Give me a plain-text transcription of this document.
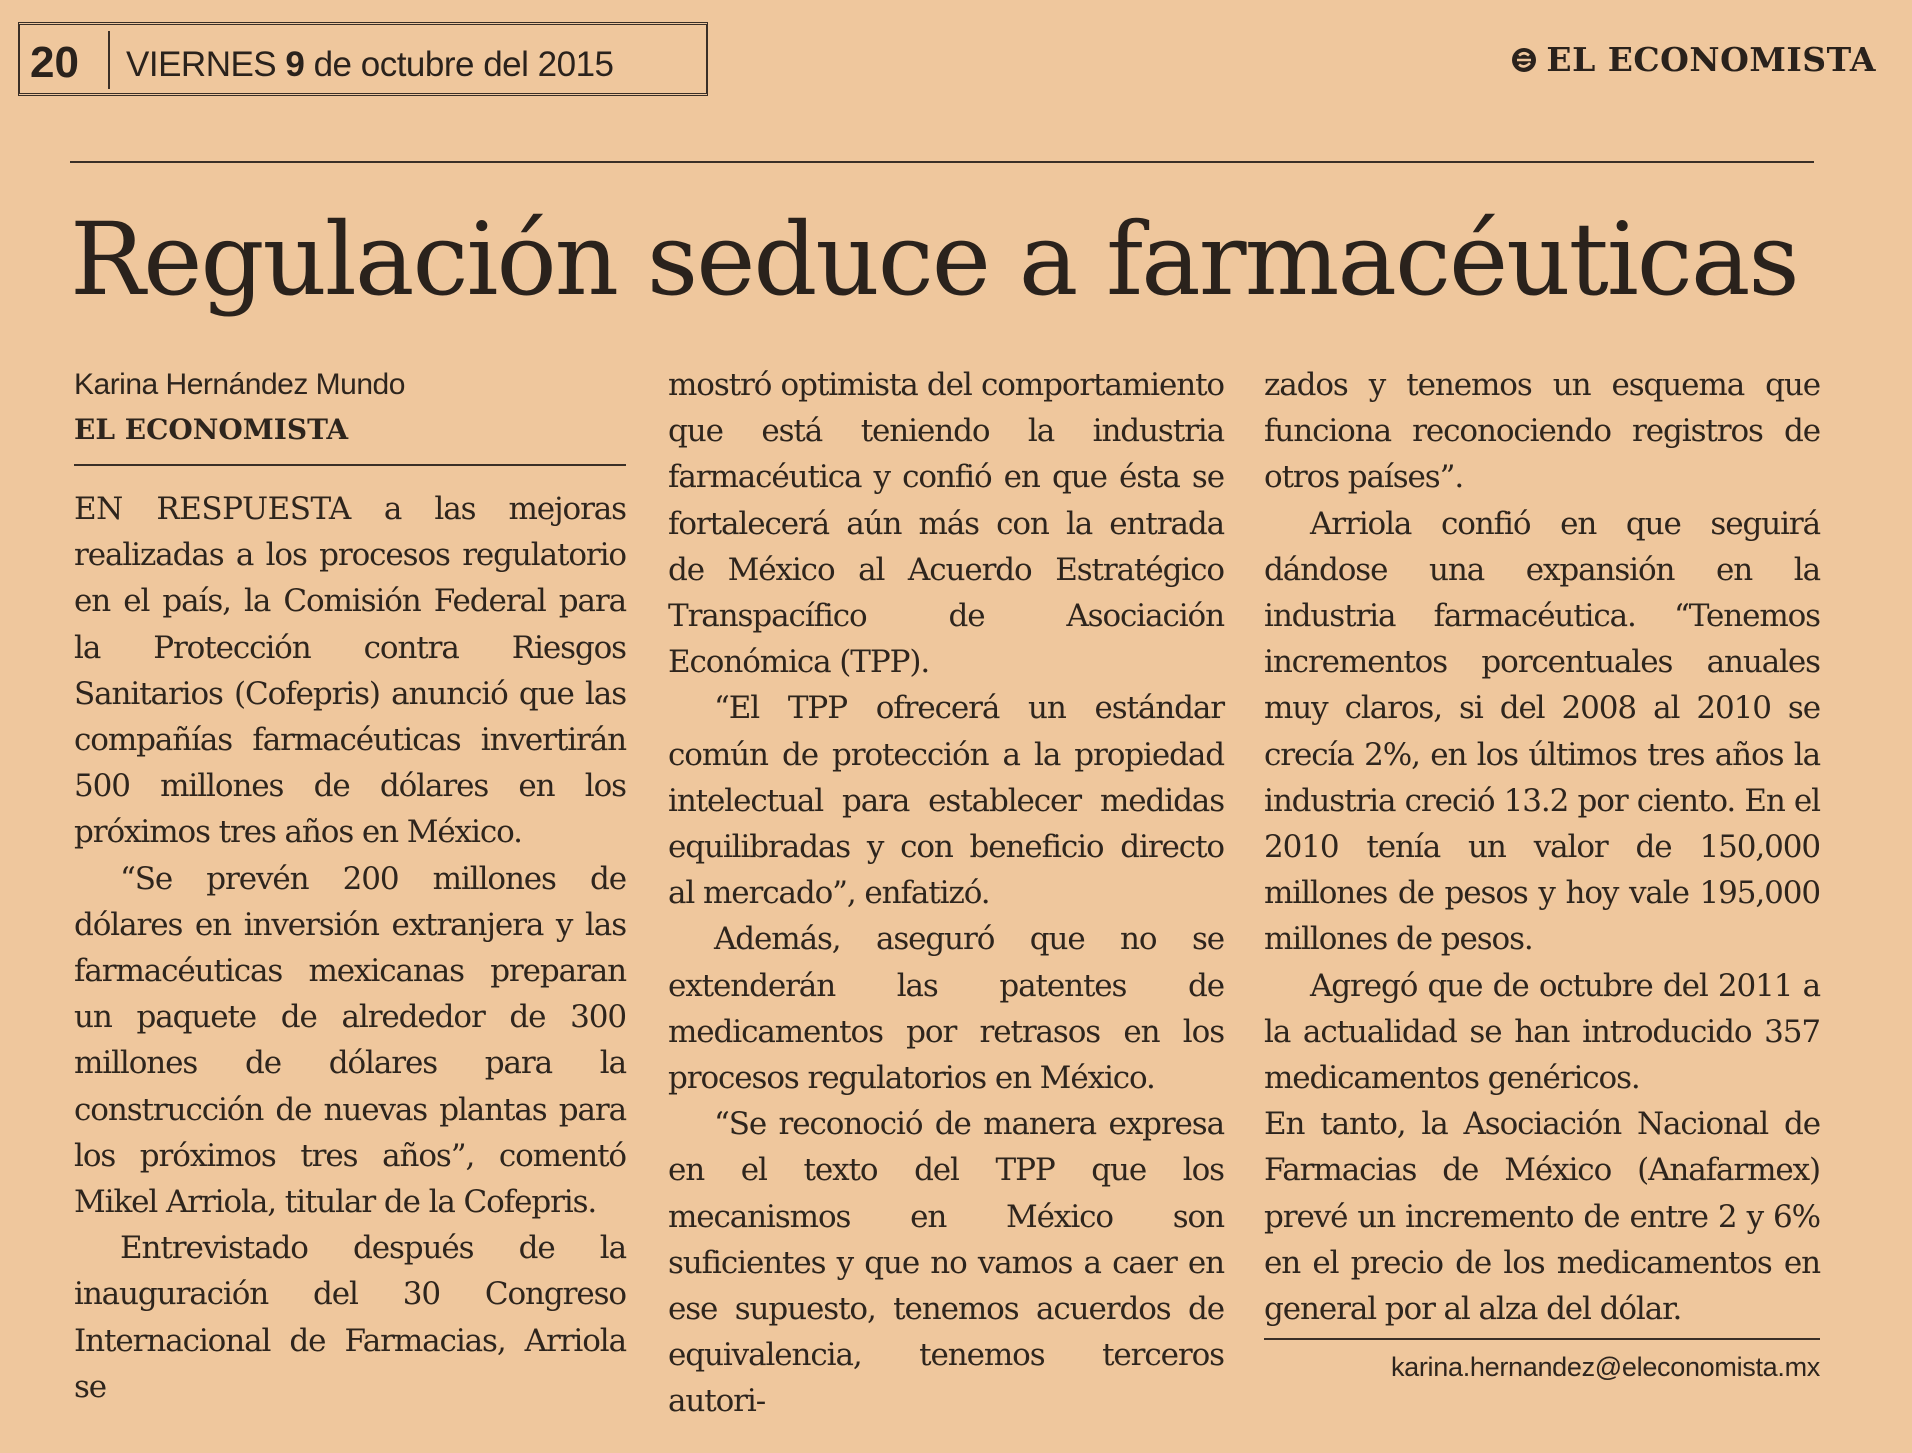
20 VIERNES 9 de octubre del 2015	EL ECONOMISTA
Regulación seduce a farmacéuticas
Karina Hernández Mundo
EL ECONOMISTA

EN RESPUESTA a las mejoras realizadas a los procesos regulatorio en el país, la Comisión Federal para la Protección contra Riesgos Sanitarios (Cofepris) anunció que las compañías farmacéuticas invertirán 500 millones de dólares en los próximos tres años en México.

“Se prevén 200 millones de dólares en inversión extranjera y las farmacéuticas mexicanas preparan un paquete de alrededor de 300 millones de dólares para la construcción de nuevas plantas para los próximos tres años”, comentó Mikel Arriola, titular de la Cofepris.

Entrevistado después de la inauguración del 30 Congreso Internacional de Farmacias, Arriola se

mostró optimista del comportamiento que está teniendo la industria farmacéutica y confió en que ésta se fortalecerá aún más con la entrada de México al Acuerdo Estratégico Transpacífico de Asociación Económica (TPP).

“El TPP ofrecerá un estándar común de protección a la propiedad intelectual para establecer medidas equilibradas y con beneficio directo al mercado”, enfatizó.

Además, aseguró que no se extenderán las patentes de medicamentos por retrasos en los procesos regulatorios en México.

“Se reconoció de manera expresa en el texto del TPP que los mecanismos en México son suficientes y que no vamos a caer en ese supuesto, tenemos acuerdos de equivalencia, tenemos terceros autori-

zados y tenemos un esquema que funciona reconociendo registros de otros países”.

Arriola confió en que seguirá dándose una expansión en la industria farmacéutica. “Tenemos incrementos porcentuales anuales muy claros, si del 2008 al 2010 se crecía 2%, en los últimos tres años la industria creció 13.2 por ciento. En el 2010 tenía un valor de 150,000 millones de pesos y hoy vale 195,000 millones de pesos.

Agregó que de octubre del 2011 a la actualidad se han introducido 357 medicamentos genéricos.

En tanto, la Asociación Nacional de Farmacias de México (Anafarmex) prevé un incremento de entre 2 y 6% en el precio de los medicamentos en general por al alza del dólar.

karina.hernandez@eleconomista.mx
